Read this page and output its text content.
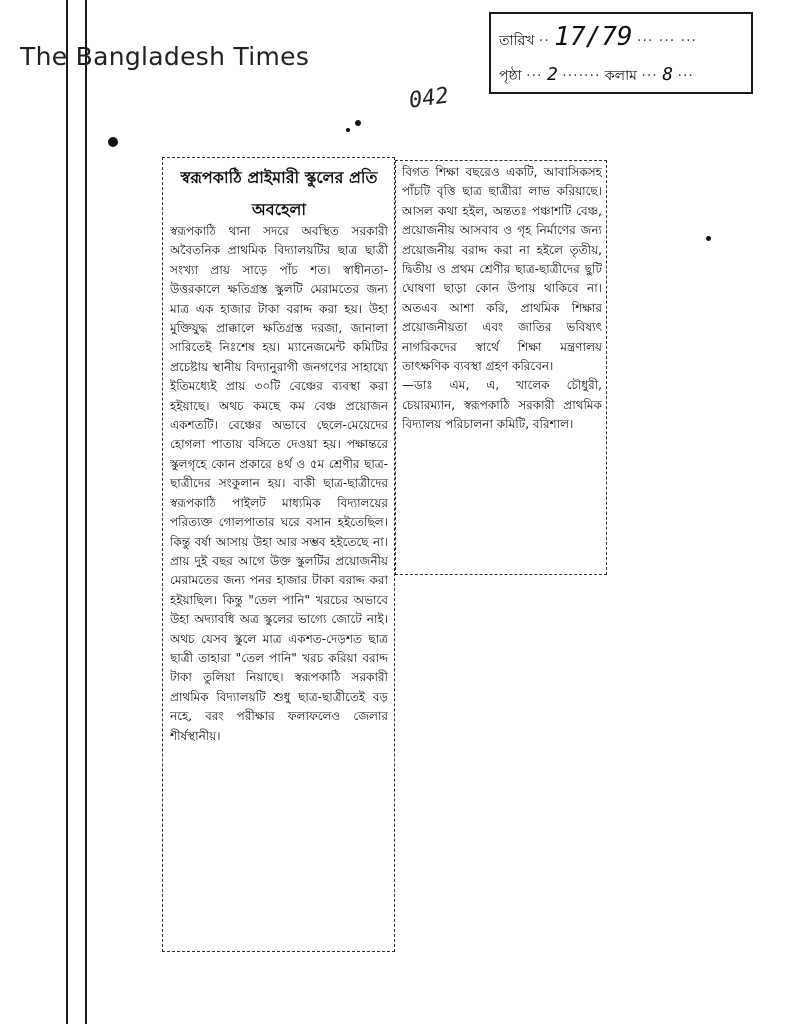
The Bangladesh Times
তারিখ ·· 17/79 ··· ··· ···
পৃষ্ঠা ··· 2 ······· কলাম ··· 8 ···
042
স্বরূপকাঠি প্রাইমারী স্কুলের প্রতি অবহেলা

স্বরূপকাঠি থানা সদরে অবস্থিত সরকারী অবৈতনিক প্রাথমিক বিদ্যালয়টির ছাত্র ছাত্রী সংখ্যা প্রায় সাড়ে পাঁচ শত। স্বাধীনতা-উত্তরকালে ক্ষতিগ্রস্ত স্কুলটি মেরামতের জন্য মাত্র এক হাজার টাকা বরাদ্দ করা হয়। উহা মুক্তিযুদ্ধ প্রাক্কালে ক্ষতিগ্রস্ত দরজা, জানালা সারিতেই নিঃশেষ হয়। ম্যানেজমেন্ট কমিটির প্রচেষ্টায় স্থানীয় বিদ্যানুরাগী জনগণের সাহায্যে ইতিমধ্যেই প্রায় ৩০টি বেঞ্চের ব্যবস্থা করা হইয়াছে। অথচ কমছে কম বেঞ্চ প্রয়োজন একশতটি। বেঞ্চের অভাবে ছেলে-মেয়েদের হোগলা পাতায় বসিতে দেওয়া হয়। পক্ষান্তরে স্কুলগৃহে কোন প্রকারে ৪র্থ ও ৫ম শ্রেণীর ছাত্র-ছাত্রীদের সংকুলান হয়। বাকী ছাত্র-ছাত্রীদের স্বরূপকাঠি পাইলট মাধ্যমিক বিদ্যালয়ের পরিত্যক্ত গোলপাতার ঘরে বসান হইতেছিল। কিন্তু বর্ষা আসায় উহা আর সম্ভব হইতেছে না। প্রায় দুই বছর আগে উক্ত স্কুলটির প্রয়োজনীয় মেরামতের জন্য পনর হাজার টাকা বরাদ্দ করা হইয়াছিল। কিন্তু "তেল পানি" খরচের অভাবে উহা অদ্যাবধি অত্র স্কুলের ভাগ্যে জোটে নাই। অথচ যেসব স্কুলে মাত্র একশত-দেড়শত ছাত্র ছাত্রী তাহারা "তেল পানি" খরচ করিয়া বরাদ্দ টাকা তুলিয়া নিয়াছে। স্বরূপকাঠি সরকারী প্রাথমিক বিদ্যালয়টি শুধু ছাত্র-ছাত্রীতেই বড় নহে, বরং পরীক্ষার ফলাফলেও জেলার শীর্ষস্থানীয়।

বিগত শিক্ষা বছরেও একটি, আবাসিকসহ পাঁচটি বৃত্তি ছাত্র ছাত্রীরা লাভ করিয়াছে। আসল কথা হইল, অন্ততঃ পঞ্চাশটি বেঞ্চ, প্রয়োজনীয় আসবাব ও গৃহ নির্মাণের জন্য প্রয়োজনীয় বরাদ্দ করা না হইলে তৃতীয়, দ্বিতীয় ও প্রথম শ্রেণীর ছাত্র-ছাত্রীদের ছুটি ঘোষণা ছাড়া কোন উপায় থাকিবে না। অতএব আশা করি, প্রাথমিক শিক্ষার প্রয়োজনীয়তা এবং জাতির ভবিষ্যৎ নাগরিকদের স্বার্থে শিক্ষা মন্ত্রণালয় তাৎক্ষণিক ব্যবস্থা গ্রহণ করিবেন।

—ডাঃ এম, এ, খালেক চৌধুরী, চেয়ারম্যান, স্বরূপকাঠি সরকারী প্রাথমিক বিদ্যালয় পরিচালনা কমিটি, বরিশাল।
